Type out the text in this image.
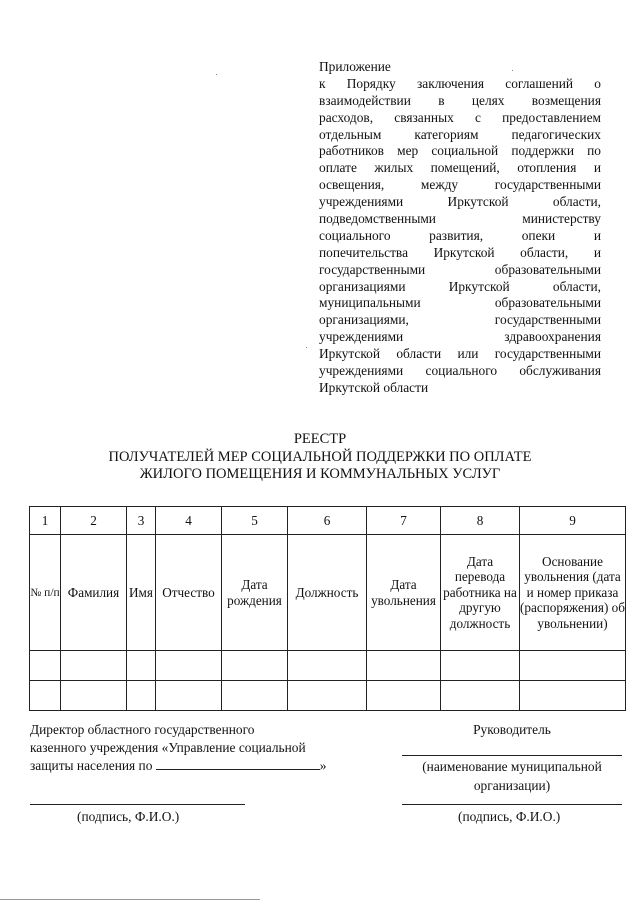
Приложение
к Порядку заключения соглашений о
взаимодействии в целях возмещения
расходов, связанных с предоставлением
отдельным категориям педагогических
работников мер социальной поддержки по
оплате жилых помещений, отопления и
освещения, между государственными
учреждениями Иркутской области,
подведомственными министерству
социального развития, опеки и
попечительства Иркутской области, и
государственными образовательными
организациями Иркутской области,
муниципальными образовательными
организациями, государственными
учреждениями здравоохранения
Иркутской области или государственными
учреждениями социального обслуживания
Иркутской области
РЕЕСТР
ПОЛУЧАТЕЛЕЙ МЕР СОЦИАЛЬНОЙ ПОДДЕРЖКИ ПО ОПЛАТЕ
ЖИЛОГО ПОМЕЩЕНИЯ И КОММУНАЛЬНЫХ УСЛУГ
1	2	3	4	5	6	7	8	9
№ п/п	Фамилия	Имя	Отчество	Дата рождения	Должность	Дата увольнения	Дата перевода работника на другую должность	Основание увольнения (дата и номер приказа (распоряжения) об увольнении)

Директор областного государственного
казенного учреждения «Управление социальной
защиты населения по	»
(подпись, Ф.И.О.)
Руководитель
(наименование муниципальной организации)
(подпись, Ф.И.О.)
